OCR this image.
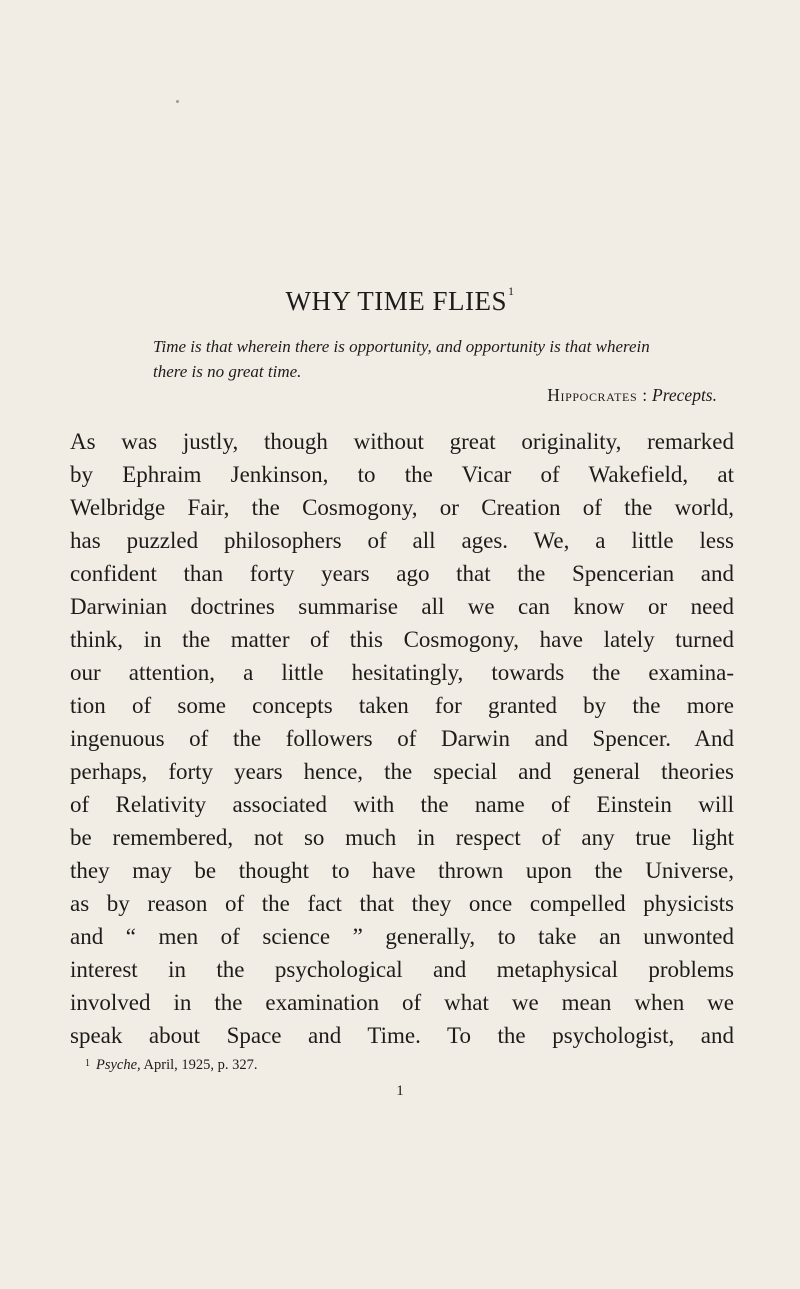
WHY TIME FLIES$^1$
Time is that wherein there is opportunity, and opportunity is that wherein
there is no great time.
Hippocrates : Precepts.
As was justly, though without great originality, remarked
by Ephraim Jenkinson, to the Vicar of Wakefield, at
Welbridge Fair, the Cosmogony, or Creation of the world,
has puzzled philosophers of all ages. We, a little less
confident than forty years ago that the Spencerian and
Darwinian doctrines summarise all we can know or need
think, in the matter of this Cosmogony, have lately turned
our attention, a little hesitatingly, towards the examina-
tion of some concepts taken for granted by the more
ingenuous of the followers of Darwin and Spencer. And
perhaps, forty years hence, the special and general theories
of Relativity associated with the name of Einstein will
be remembered, not so much in respect of any true light
they may be thought to have thrown upon the Universe,
as by reason of the fact that they once compelled physicists
and “ men of science ” generally, to take an unwonted
interest in the psychological and metaphysical problems
involved in the examination of what we mean when we
speak about Space and Time. To the psychologist, and
$^1$ Psyche, April, 1925, p. 327.
1
